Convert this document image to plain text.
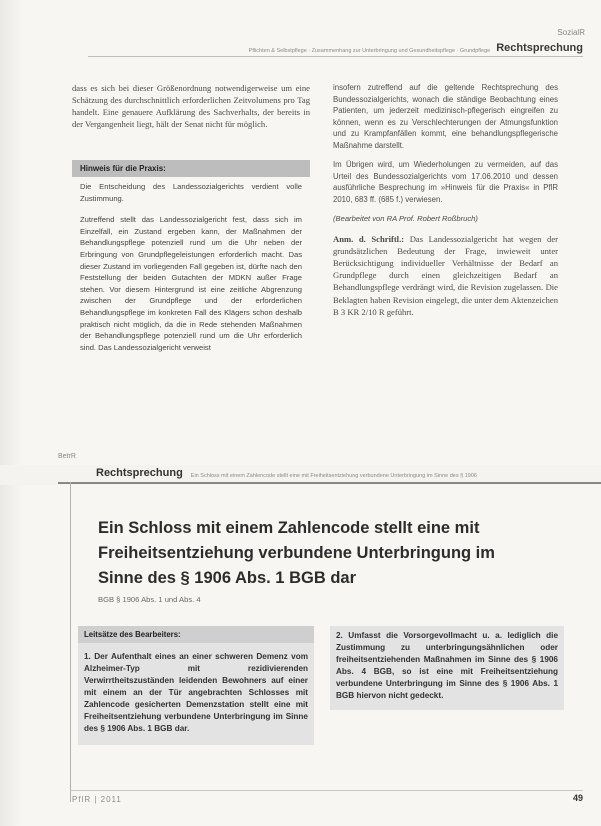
SozialR
Pflichten & Selbstpflege · Zusammenhang zur Unterbringung und Gesundheitspflege · Grundpflege Rechtsprechung

dass es sich bei dieser Größenordnung notwendigerweise um eine Schätzung des durchschnittlich erforderlichen Zeitvolumens pro Tag handelt. Eine genauere Aufklärung des Sachverhalts, der bereits in der Vergangenheit liegt, hält der Senat nicht für möglich.

Hinweis für die Praxis:

Die Entscheidung des Landessozialgerichts verdient volle Zustimmung.

Zutreffend stellt das Landessozialgericht fest, dass sich im Einzelfall, ein Zustand ergeben kann, der Maßnahmen der Behandlungspflege potenziell rund um die Uhr neben der Erbringung von Grundpflegeleistungen erforderlich macht. Das dieser Zustand im vorliegenden Fall gegeben ist, dürfte nach den Feststellung der beiden Gutachten der MDKN außer Frage stehen. Vor diesem Hintergrund ist eine zeitliche Abgrenzung zwischen der Grundpflege und der erforderlichen Behandlungspflege im konkreten Fall des Klägers schon deshalb praktisch nicht möglich, da die in Rede stehenden Maßnahmen der Behandlungspflege potenziell rund um die Uhr erforderlich sind. Das Landessozialgericht verweist

insofern zutreffend auf die geltende Rechtsprechung des Bundessozialgerichts, wonach die ständige Beobachtung eines Patienten, um jederzeit medizinisch-pflegerisch eingreifen zu können, wenn es zu Verschlechterungen der Atmungsfunktion und zu Krampfanfällen kommt, eine behandlungspflegerische Maßnahme darstellt.

Im Übrigen wird, um Wiederholungen zu vermeiden, auf das Urteil des Bundessozialgerichts vom 17.06.2010 und dessen ausführliche Besprechung im »Hinweis für die Praxis« in PflR 2010, 683 ff. (685 f.) verwiesen.

(Bearbeitet von RA Prof. Robert Roßbruch)

Anm. d. Schriftl.: Das Landessozialgericht hat wegen der grundsätzlichen Bedeutung der Frage, inwieweit unter Berücksichtigung individueller Verhältnisse der Bedarf an Grundpflege durch einen gleichzeitigen Bedarf an Behandlungspflege verdrängt wird, die Revision zugelassen. Die Beklagten haben Revision eingelegt, die unter dem Aktenzeichen B 3 KR 2/10 R geführt.

BetrR
Rechtsprechung Ein Schloss mit einem Zahlencode stellt eine mit Freiheitsentziehung verbundene Unterbringung im Sinne des § 1906
Ein Schloss mit einem Zahlencode stellt eine mit Freiheitsentziehung verbundene Unterbringung im Sinne des § 1906 Abs. 1 BGB dar
BGB § 1906 Abs. 1 und Abs. 4
Leitsätze des Bearbeiters:
1. Der Aufenthalt eines an einer schweren Demenz vom Alzheimer-Typ mit rezidivierenden Verwirrtheitszuständen leidenden Bewohners auf einer mit einem an der Tür angebrachten Schlosses mit Zahlencode gesicherten Demenzstation stellt eine mit Freiheitsentziehung verbundene Unterbringung im Sinne des § 1906 Abs. 1 BGB dar.
2. Umfasst die Vorsorgevollmacht u. a. lediglich die Zustimmung zu unterbringungsähnlichen oder freiheitsentziehenden Maßnahmen im Sinne des § 1906 Abs. 4 BGB, so ist eine mit Freiheitsentziehung verbundene Unterbringung im Sinne des § 1906 Abs. 1 BGB hiervon nicht gedeckt.
PflR | 2011	49
